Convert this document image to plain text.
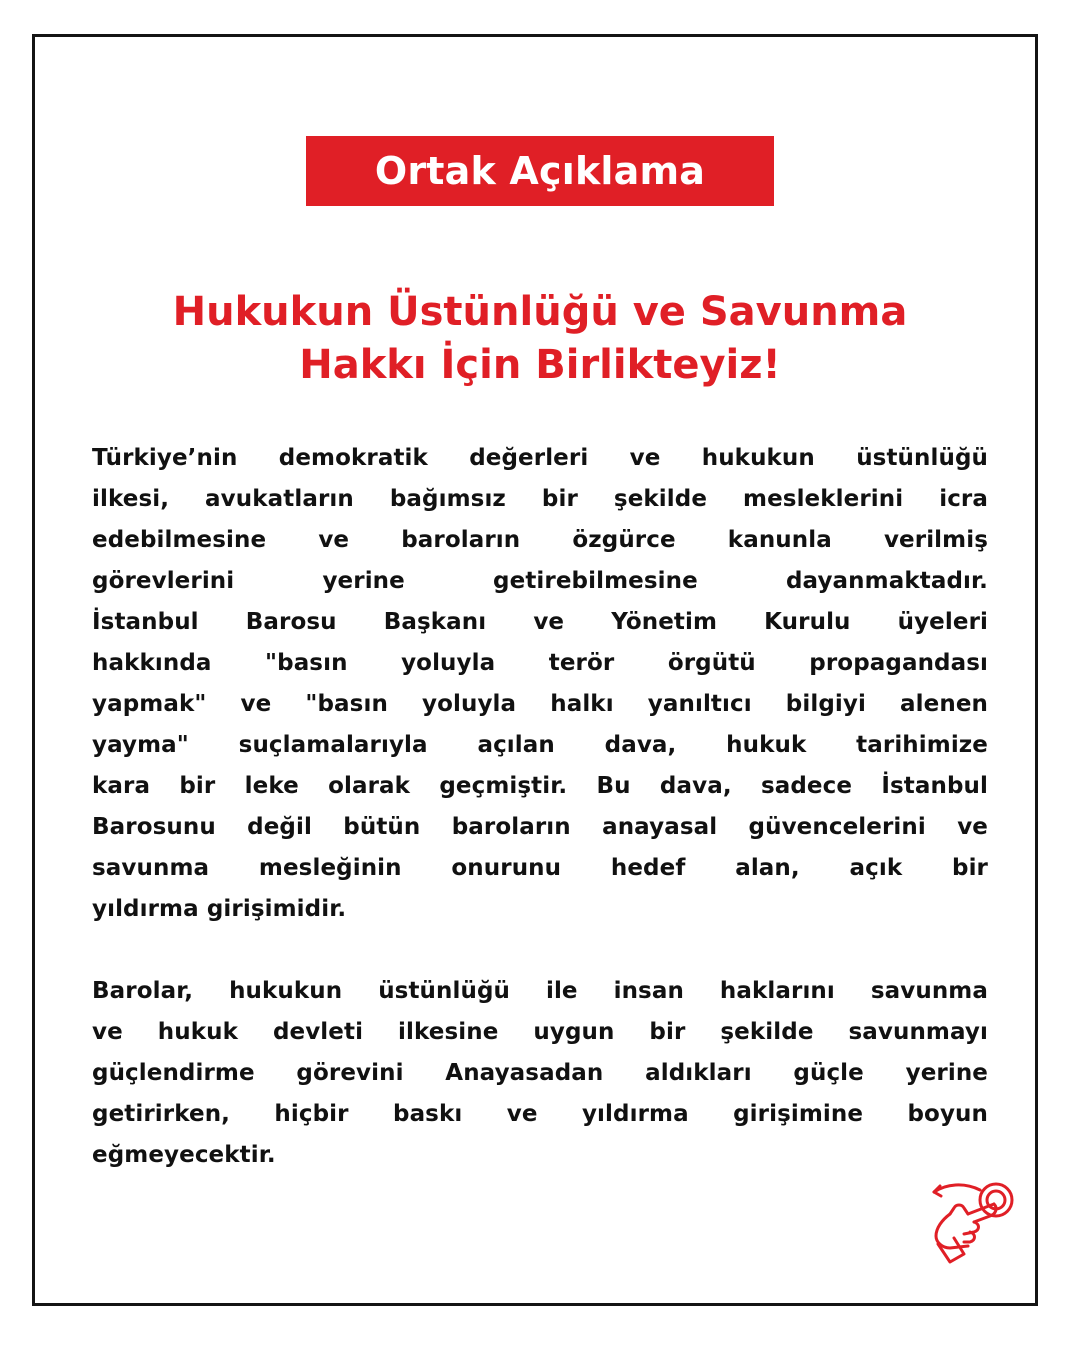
Ortak Açıklama
Hukukun Üstünlüğü ve Savunma
Hakkı İçin Birlikteyiz!
Türkiye’nin demokratik değerleri ve hukukun üstünlüğü
ilkesi, avukatların bağımsız bir şekilde mesleklerini icra
edebilmesine ve baroların özgürce kanunla verilmiş
görevlerini yerine getirebilmesine dayanmaktadır.
İstanbul Barosu Başkanı ve Yönetim Kurulu üyeleri
hakkında "basın yoluyla terör örgütü propagandası
yapmak" ve "basın yoluyla halkı yanıltıcı bilgiyi alenen
yayma" suçlamalarıyla açılan dava, hukuk tarihimize
kara bir leke olarak geçmiştir. Bu dava, sadece İstanbul
Barosunu değil bütün baroların anayasal güvencelerini ve
savunma mesleğinin onurunu hedef alan, açık bir
yıldırma girişimidir.
Barolar, hukukun üstünlüğü ile insan haklarını savunma
ve hukuk devleti ilkesine uygun bir şekilde savunmayı
güçlendirme görevini Anayasadan aldıkları güçle yerine
getirirken, hiçbir baskı ve yıldırma girişimine boyun
eğmeyecektir.
